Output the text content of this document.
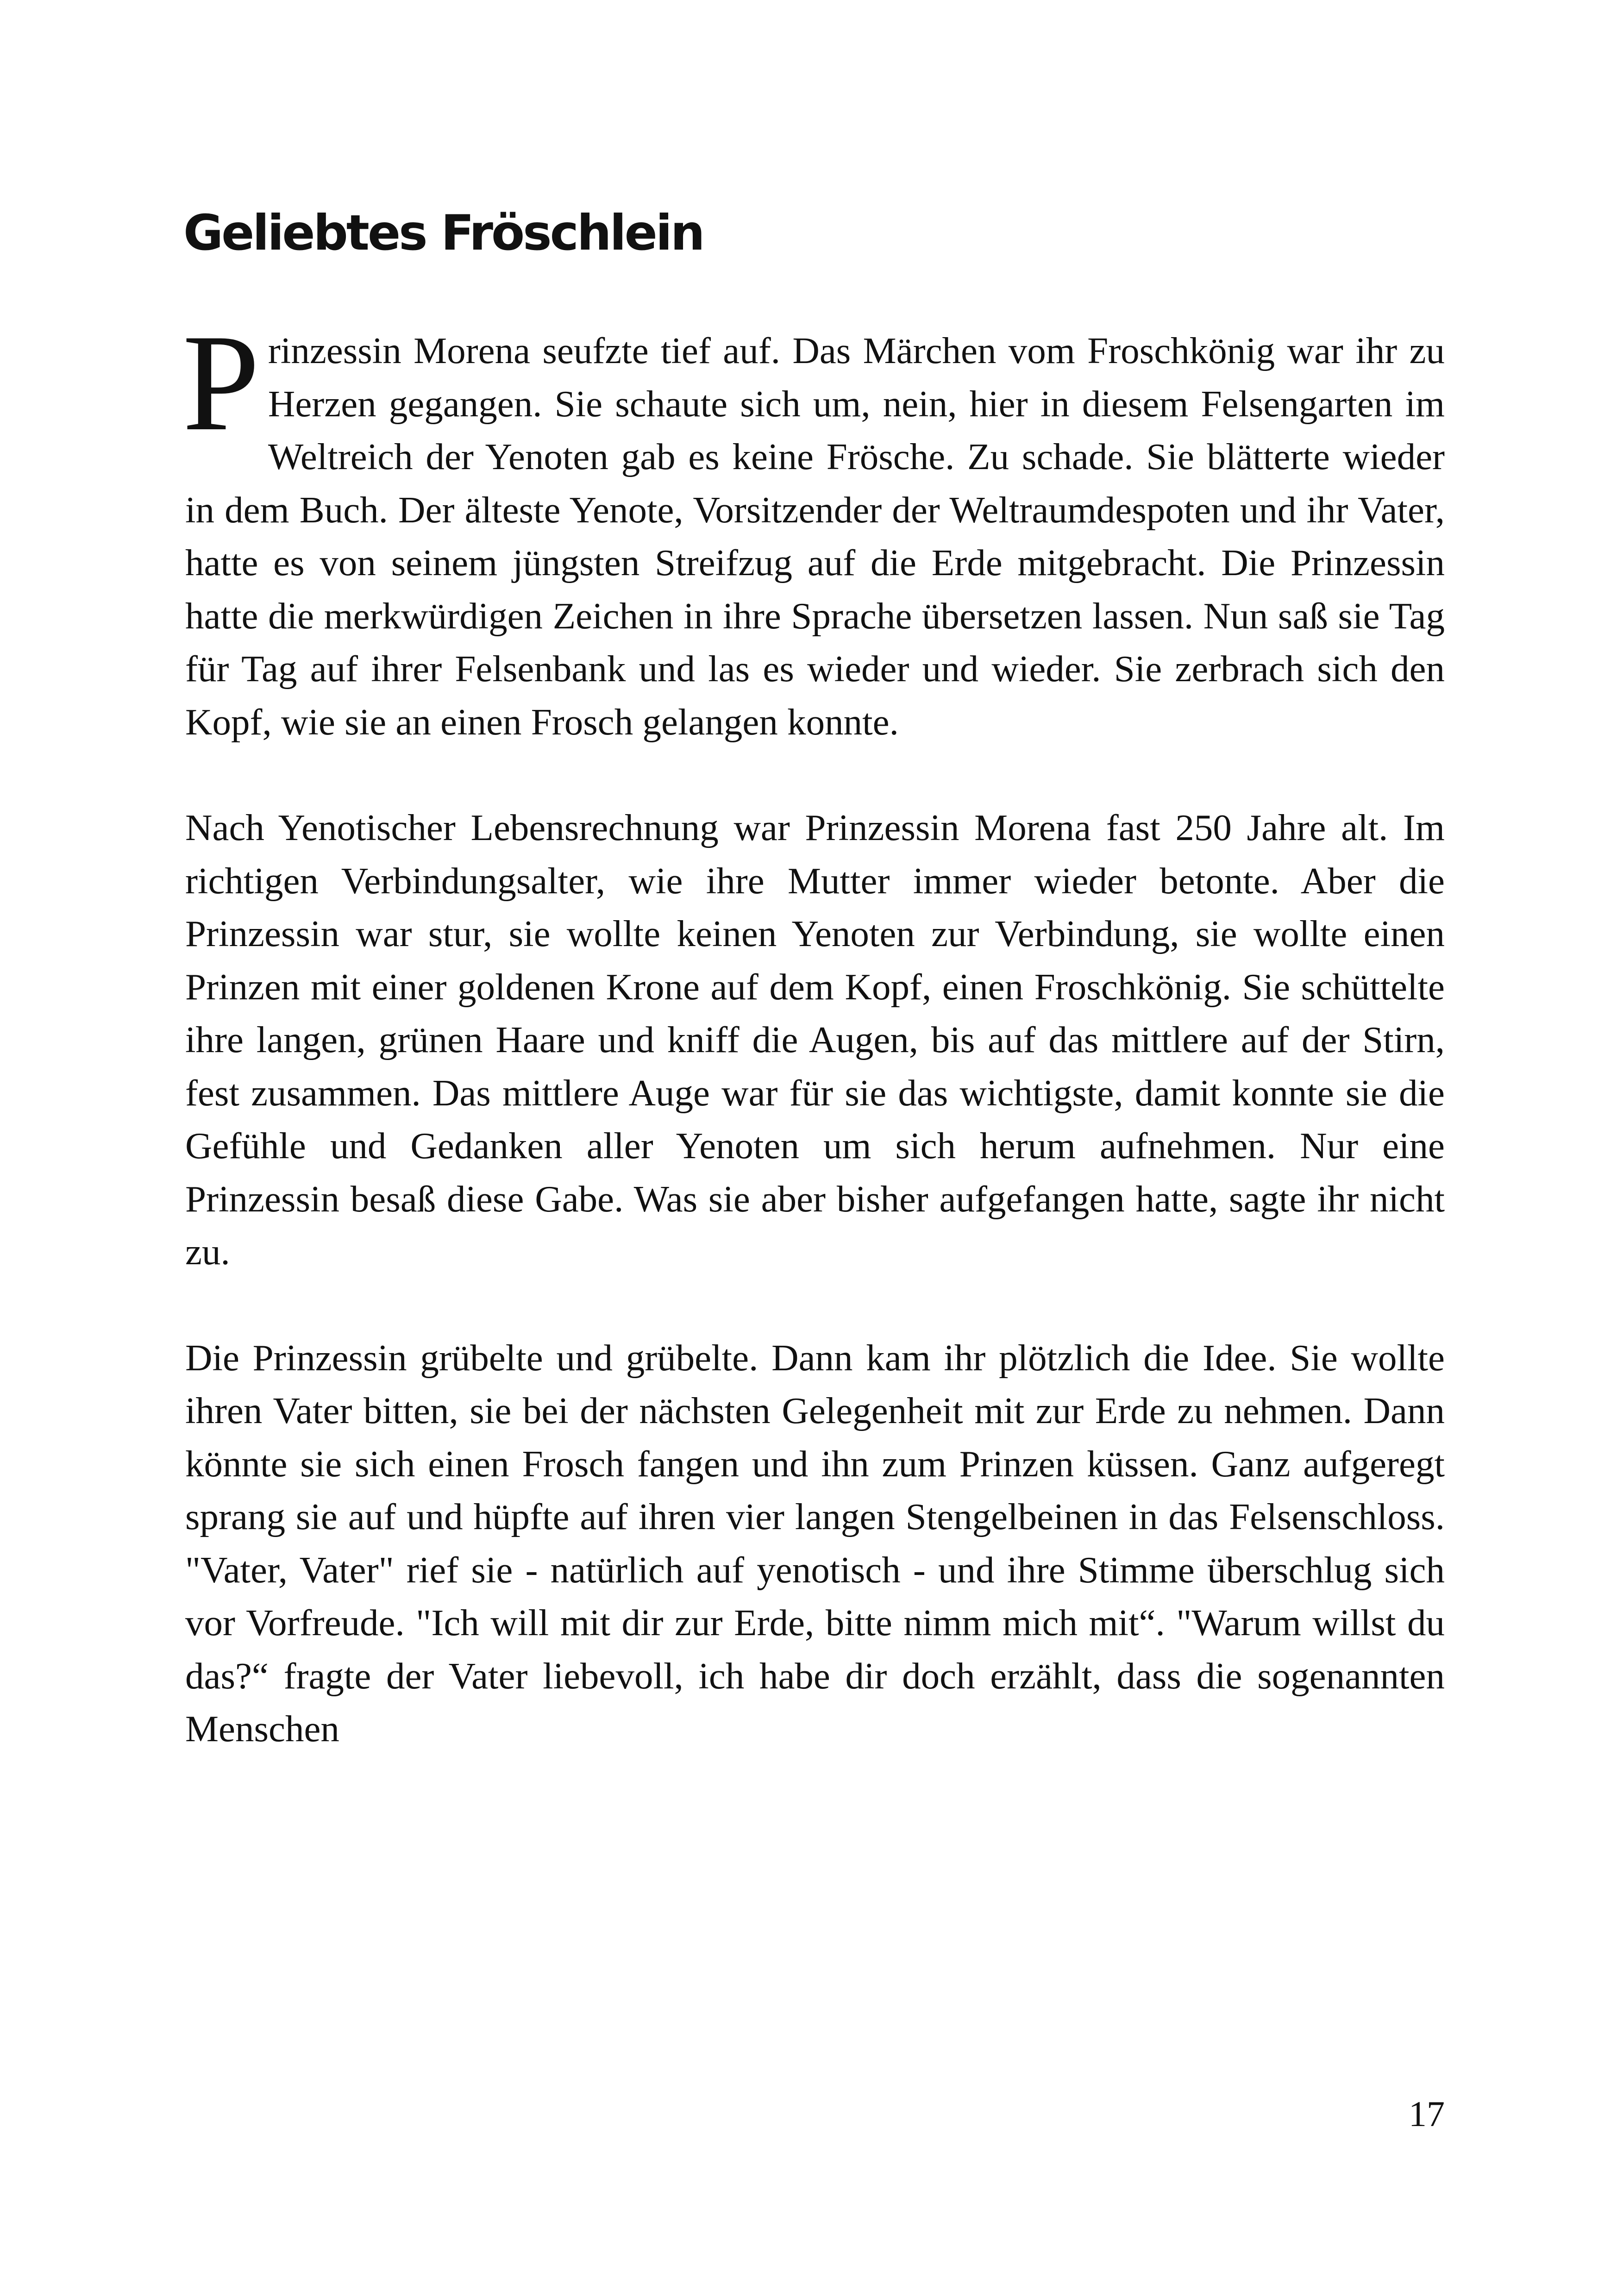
Geliebtes Fröschlein

Prinzessin Morena seufzte tief auf. Das Märchen vom Froschkönig war ihr zu Herzen gegangen. Sie schaute sich um, nein, hier in diesem Felsengarten im Weltreich der Yenoten gab es keine Frösche. Zu schade. Sie blätterte wieder in dem Buch. Der älteste Yenote, Vorsitzender der Weltraumdespoten und ihr Vater, hatte es von seinem jüngsten Streifzug auf die Erde mitgebracht. Die Prinzessin hatte die merkwürdigen Zeichen in ihre Sprache übersetzen lassen. Nun saß sie Tag für Tag auf ihrer Felsenbank und las es wieder und wieder. Sie zerbrach sich den Kopf, wie sie an einen Frosch gelangen konnte.

Nach Yenotischer Lebensrechnung war Prinzessin Morena fast 250 Jahre alt. Im richtigen Verbindungsalter, wie ihre Mutter immer wieder betonte. Aber die Prinzessin war stur, sie wollte keinen Yenoten zur Verbindung, sie wollte einen Prinzen mit einer goldenen Krone auf dem Kopf, einen Froschkönig. Sie schüttelte ihre langen, grünen Haare und kniff die Augen, bis auf das mittlere auf der Stirn, fest zusammen. Das mittlere Auge war für sie das wichtigste, damit konnte sie die Gefühle und Gedanken aller Yenoten um sich herum aufnehmen. Nur eine Prinzessin besaß diese Gabe. Was sie aber bisher aufgefangen hatte, sagte ihr nicht zu.

Die Prinzessin grübelte und grübelte. Dann kam ihr plötzlich die Idee. Sie wollte ihren Vater bitten, sie bei der nächsten Gelegenheit mit zur Erde zu nehmen. Dann könnte sie sich einen Frosch fangen und ihn zum Prinzen küssen. Ganz aufgeregt sprang sie auf und hüpfte auf ihren vier langen Stengelbeinen in das Felsenschloss. "Vater, Vater" rief sie - natürlich auf yenotisch - und ihre Stimme überschlug sich vor Vorfreude. "Ich will mit dir zur Erde, bitte nimm mich mit“. "Warum willst du das?“ fragte der Vater liebevoll, ich habe dir doch erzählt, dass die sogenannten Menschen

17
